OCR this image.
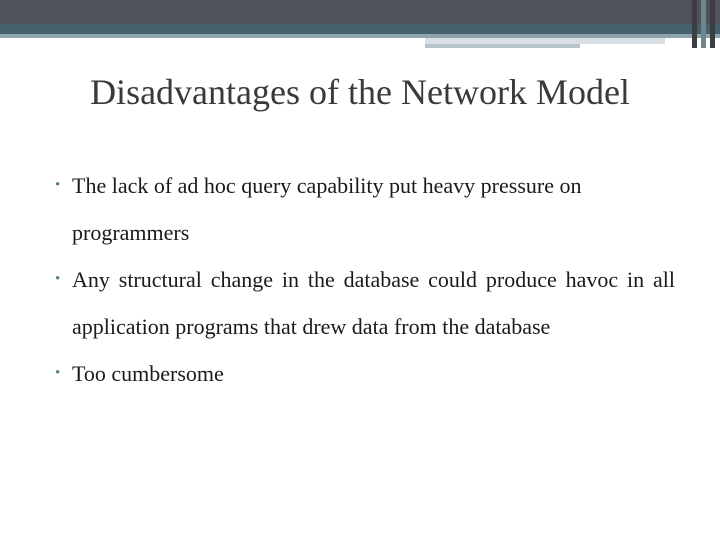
Disadvantages of the Network Model
• The lack of ad hoc query capability put heavy pressure on programmers
• Any structural change in the database could produce havoc in all application programs that drew data from the database
• Too cumbersome
